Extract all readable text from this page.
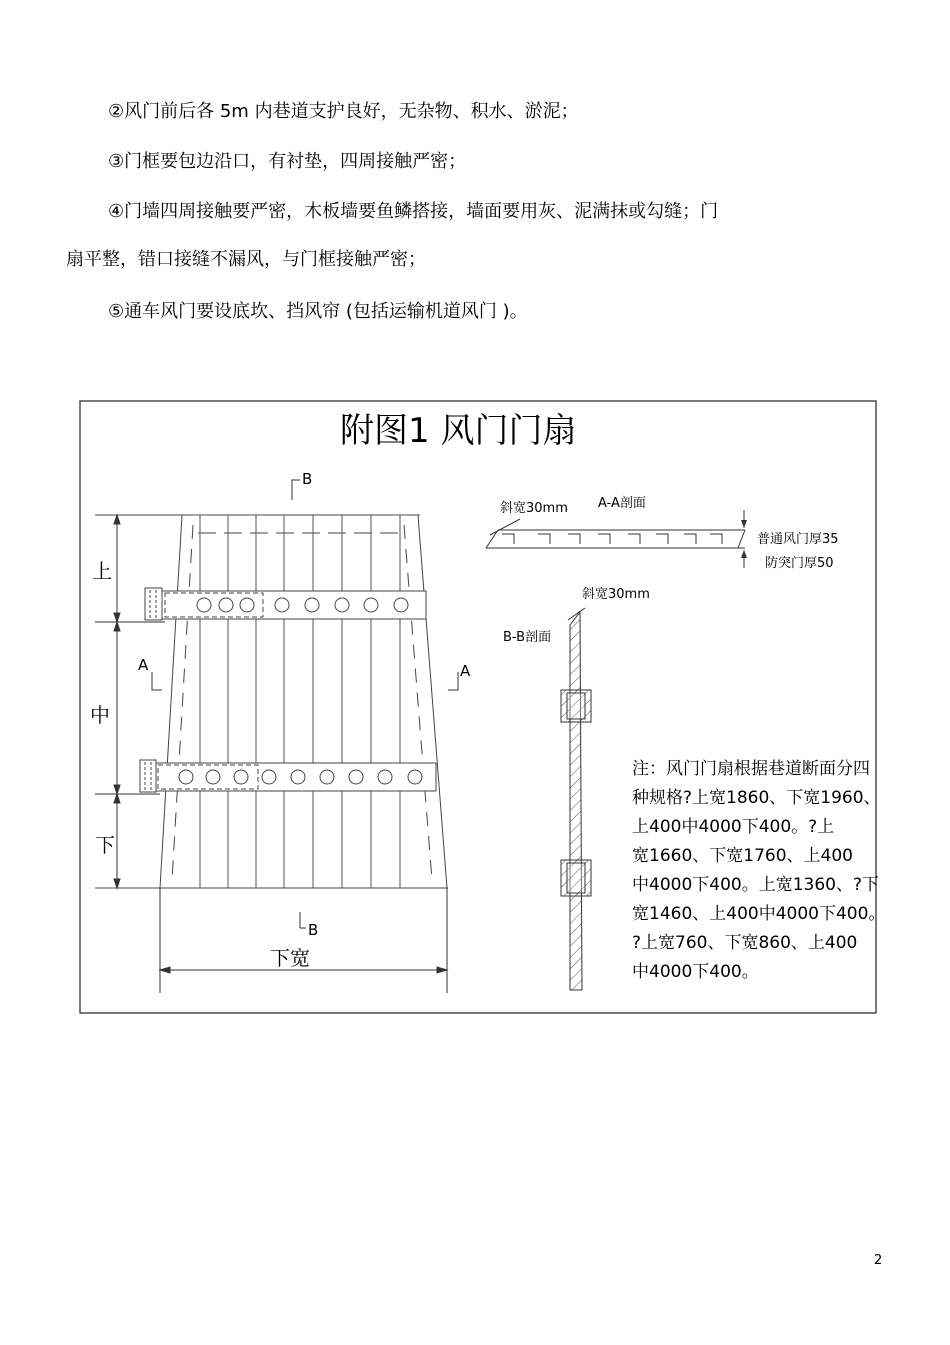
②风门前后各 5m 内巷道支护良好，无杂物、积水、淤泥；

③门框要包边沿口，有衬垫，四周接触严密；

④门墙四周接触要严密，木板墙要鱼鳞搭接，墙面要用灰、泥满抹或勾缝；门

扇平整，错口接缝不漏风，与门框接触严密；

⑤通车风门要设底坎、挡风帘 (包括运输机道风门 )。

附图1 风门门扇
上
中
下
下宽
B
B
A	A
A-A剖面
斜宽30mm
普通风门厚35
防突门厚50
B-B剖面
斜宽30mm
注：风门门扇根据巷道断面分四
种规格?上宽1860、下宽1960、
上400中4000下400。?上
宽1660、下宽1760、上400
中4000下400。上宽1360、?下
宽1460、上400中4000下400。
?上宽760、下宽860、上400
中4000下400。
2
